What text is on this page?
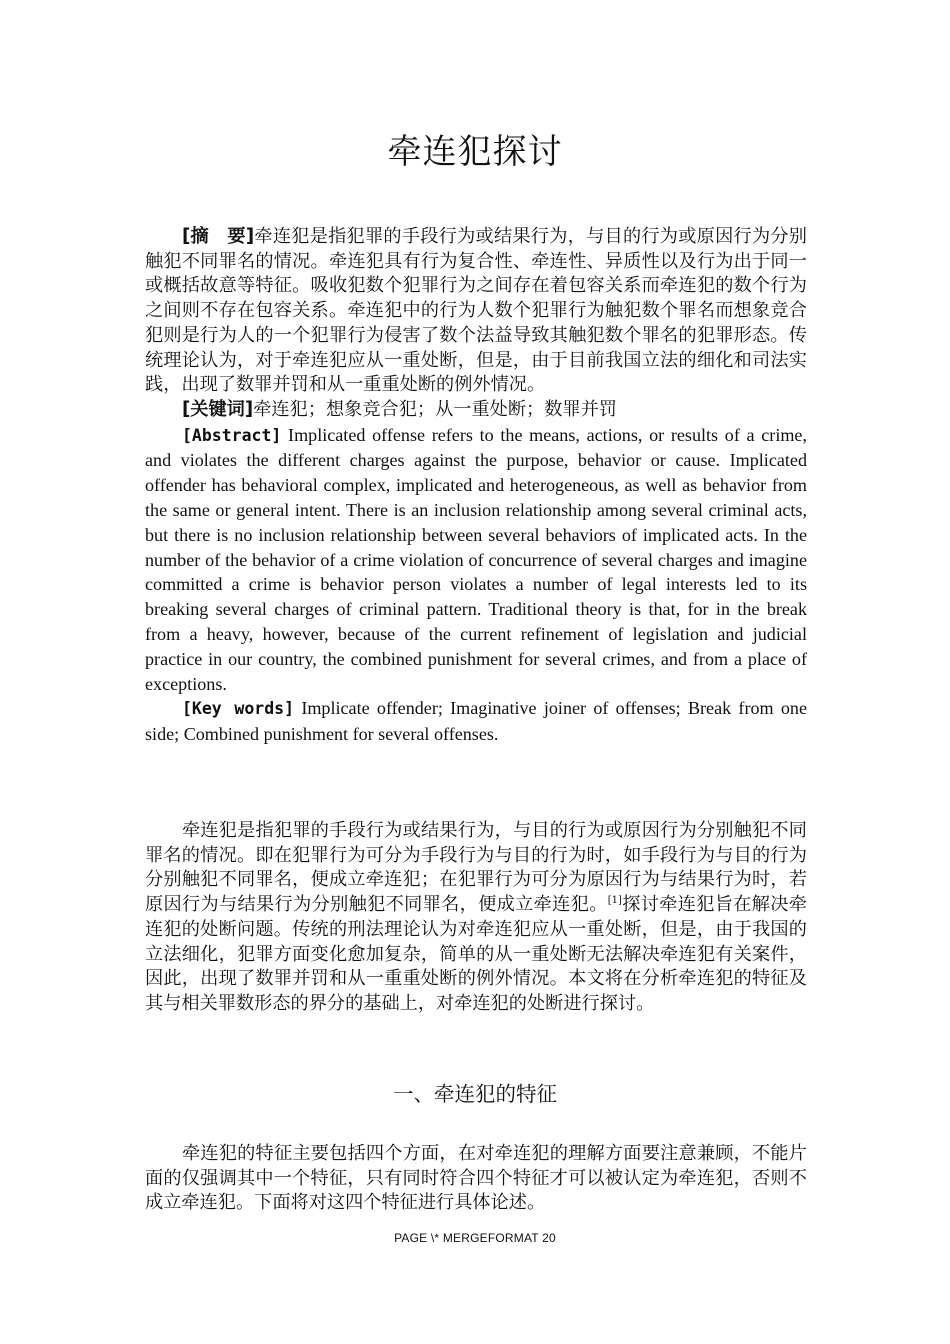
牵连犯探讨

[摘　要]牵连犯是指犯罪的手段行为或结果行为，与目的行为或原因行为分别触犯不同罪名的情况。牵连犯具有行为复合性、牵连性、异质性以及行为出于同一或概括故意等特征。吸收犯数个犯罪行为之间存在着包容关系而牵连犯的数个行为之间则不存在包容关系。牵连犯中的行为人数个犯罪行为触犯数个罪名而想象竞合犯则是行为人的一个犯罪行为侵害了数个法益导致其触犯数个罪名的犯罪形态。传统理论认为，对于牵连犯应从一重处断，但是，由于目前我国立法的细化和司法实践，出现了数罪并罚和从一重重处断的例外情况。

[关键词]牵连犯；想象竞合犯；从一重处断；数罪并罚

[Abstract] Implicated offense refers to the means, actions, or results of a crime, and violates the different charges against the purpose, behavior or cause. Implicated offender has behavioral complex, implicated and heterogeneous, as well as behavior from the same or general intent. There is an inclusion relationship among several criminal acts, but there is no inclusion relationship between several behaviors of implicated acts. In the number of the behavior of a crime violation of concurrence of several charges and imagine committed a crime is behavior person violates a number of legal interests led to its breaking several charges of criminal pattern. Traditional theory is that, for in the break from a heavy, however, because of the current refinement of legislation and judicial practice in our country, the combined punishment for several crimes, and from a place of exceptions.

[Key words] Implicate offender; Imaginative joiner of offenses; Break from one side; Combined punishment for several offenses.

牵连犯是指犯罪的手段行为或结果行为，与目的行为或原因行为分别触犯不同罪名的情况。即在犯罪行为可分为手段行为与目的行为时，如手段行为与目的行为分别触犯不同罪名，便成立牵连犯；在犯罪行为可分为原因行为与结果行为时，若原因行为与结果行为分别触犯不同罪名，便成立牵连犯。[1]探讨牵连犯旨在解决牵连犯的处断问题。传统的刑法理论认为对牵连犯应从一重处断，但是，由于我国的立法细化，犯罪方面变化愈加复杂，简单的从一重处断无法解决牵连犯有关案件，因此，出现了数罪并罚和从一重重处断的例外情况。本文将在分析牵连犯的特征及其与相关罪数形态的界分的基础上，对牵连犯的处断进行探讨。

一、牵连犯的特征

牵连犯的特征主要包括四个方面，在对牵连犯的理解方面要注意兼顾，不能片面的仅强调其中一个特征，只有同时符合四个特征才可以被认定为牵连犯，否则不成立牵连犯。下面将对这四个特征进行具体论述。

PAGE \* MERGEFORMAT 20
